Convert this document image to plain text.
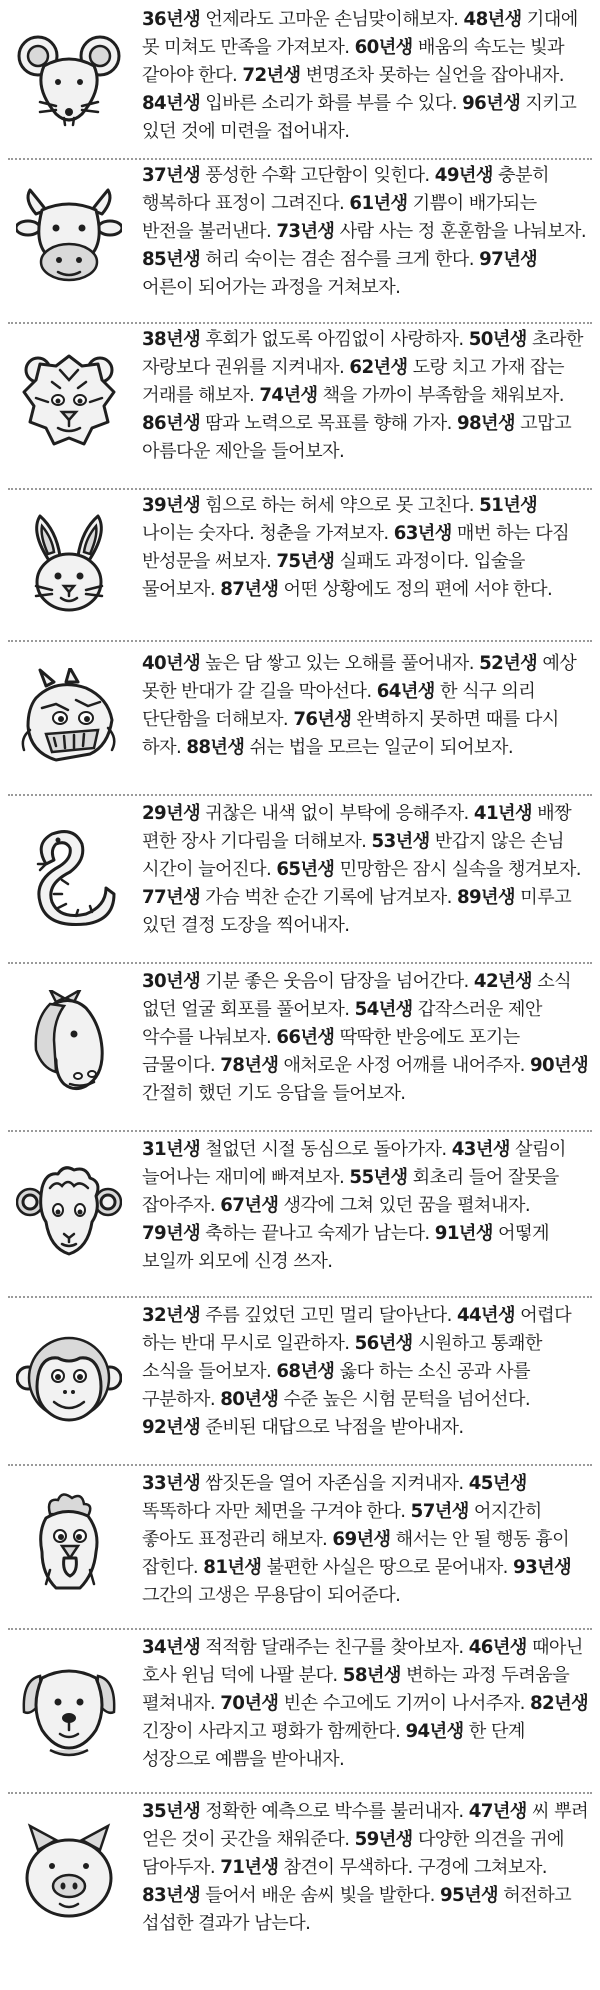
36년생 언제라도 고마운 손님맞이해보자. 48년생 기대에 못 미쳐도 만족을 가져보자. 60년생 배움의 속도는 빛과 같아야 한다. 72년생 변명조차 못하는 실언을 잡아내자. 84년생 입바른 소리가 화를 부를 수 있다. 96년생 지키고 있던 것에 미련을 접어내자.

37년생 풍성한 수확 고단함이 잊힌다. 49년생 충분히 행복하다 표정이 그려진다. 61년생 기쁨이 배가되는 반전을 불러낸다. 73년생 사람 사는 정 훈훈함을 나눠보자. 85년생 허리 숙이는 겸손 점수를 크게 한다. 97년생 어른이 되어가는 과정을 거쳐보자.

38년생 후회가 없도록 아낌없이 사랑하자. 50년생 초라한 자랑보다 권위를 지켜내자. 62년생 도랑 치고 가재 잡는 거래를 해보자. 74년생 책을 가까이 부족함을 채워보자. 86년생 땀과 노력으로 목표를 향해 가자. 98년생 고맙고 아름다운 제안을 들어보자.

39년생 힘으로 하는 허세 약으로 못 고친다. 51년생 나이는 숫자다. 청춘을 가져보자. 63년생 매번 하는 다짐 반성문을 써보자. 75년생 실패도 과정이다. 입술을 물어보자. 87년생 어떤 상황에도 정의 편에 서야 한다.

40년생 높은 담 쌓고 있는 오해를 풀어내자. 52년생 예상 못한 반대가 갈 길을 막아선다. 64년생 한 식구 의리 단단함을 더해보자. 76년생 완벽하지 못하면 때를 다시 하자. 88년생 쉬는 법을 모르는 일군이 되어보자.

29년생 귀찮은 내색 없이 부탁에 응해주자. 41년생 배짱 편한 장사 기다림을 더해보자. 53년생 반갑지 않은 손님 시간이 늘어진다. 65년생 민망함은 잠시 실속을 챙겨보자. 77년생 가슴 벅찬 순간 기록에 남겨보자. 89년생 미루고 있던 결정 도장을 찍어내자.

30년생 기분 좋은 웃음이 담장을 넘어간다. 42년생 소식 없던 얼굴 회포를 풀어보자. 54년생 갑작스러운 제안 악수를 나눠보자. 66년생 딱딱한 반응에도 포기는 금물이다. 78년생 애처로운 사정 어깨를 내어주자. 90년생 간절히 했던 기도 응답을 들어보자.

31년생 철없던 시절 동심으로 돌아가자. 43년생 살림이 늘어나는 재미에 빠져보자. 55년생 회초리 들어 잘못을 잡아주자. 67년생 생각에 그쳐 있던 꿈을 펼쳐내자. 79년생 축하는 끝나고 숙제가 남는다. 91년생 어떻게 보일까 외모에 신경 쓰자.

32년생 주름 깊었던 고민 멀리 달아난다. 44년생 어렵다 하는 반대 무시로 일관하자. 56년생 시원하고 통쾌한 소식을 들어보자. 68년생 옳다 하는 소신 공과 사를 구분하자. 80년생 수준 높은 시험 문턱을 넘어선다. 92년생 준비된 대답으로 낙점을 받아내자.

33년생 쌈짓돈을 열어 자존심을 지켜내자. 45년생 똑똑하다 자만 체면을 구겨야 한다. 57년생 어지간히 좋아도 표정관리 해보자. 69년생 해서는 안 될 행동 흉이 잡힌다. 81년생 불편한 사실은 땅으로 묻어내자. 93년생 그간의 고생은 무용담이 되어준다.

34년생 적적함 달래주는 친구를 찾아보자. 46년생 때아닌 호사 윈님 덕에 나팔 분다. 58년생 변하는 과정 두려움을 펼쳐내자. 70년생 빈손 수고에도 기꺼이 나서주자. 82년생 긴장이 사라지고 평화가 함께한다. 94년생 한 단계 성장으로 예쁨을 받아내자.

35년생 정확한 예측으로 박수를 불러내자. 47년생 씨 뿌려 얻은 것이 곳간을 채워준다. 59년생 다양한 의견을 귀에 담아두자. 71년생 참견이 무색하다. 구경에 그쳐보자. 83년생 들어서 배운 솜씨 빛을 발한다. 95년생 허전하고 섭섭한 결과가 남는다.
